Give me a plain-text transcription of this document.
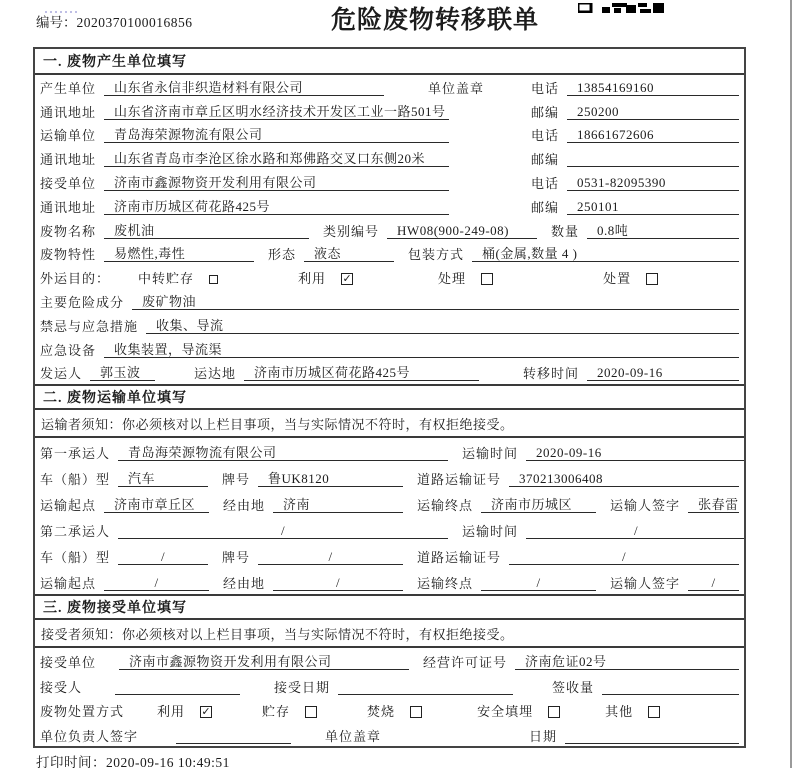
编号：2020370100016856	危险废物转移联单
一. 废物产生单位填写
产生单位	山东省永信非织造材料有限公司	单位盖章	电话	13854169160
通讯地址	山东省济南市章丘区明水经济技术开发区工业一路501号	邮编	250200
运输单位	青岛海荣源物流有限公司	电话	18661672606
通讯地址	山东省青岛市李沧区徐水路和郑佛路交叉口东侧20米	邮编
接受单位	济南市鑫源物资开发利用有限公司	电话	0531-82095390
通讯地址	济南市历城区荷花路425号	邮编	250101
废物名称	废机油	类别编号	HW08(900-249-08)	数量	0.8吨
废物特性	易燃性,毒性	形态	液态	包装方式	桶(金属,数量 4 )
外运目的： 中转贮存	利用 ✓	处理	处置
主要危险成分	废矿物油
禁忌与应急措施	收集、导流
应急设备	收集装置，导流渠
发运人	郭玉波	运达地	济南市历城区荷花路425号	转移时间	2020-09-16
二. 废物运输单位填写
运输者须知：你必须核对以上栏目事项，当与实际情况不符时，有权拒绝接受。
第一承运人	青岛海荣源物流有限公司	运输时间	2020-09-16
车（船）型	汽车	牌号	鲁UK8120	道路运输证号	370213006408
运输起点	济南市章丘区	经由地	济南	运输终点	济南市历城区	运输人签字	张春雷
第二承运人	/	运输时间	/
车（船）型	/	牌号	/	道路运输证号	/
运输起点	/	经由地	/	运输终点	/	运输人签字	/
三. 废物接受单位填写
接受者须知：你必须核对以上栏目事项，当与实际情况不符时，有权拒绝接受。
接受单位	济南市鑫源物资开发利用有限公司	经营许可证号	济南危证02号
接受人	接受日期	签收量
废物处置方式	利用 ✓	贮存	焚烧	安全填埋	其他
单位负责人签字	单位盖章	日期
打印时间：2020-09-16 10:49:51
